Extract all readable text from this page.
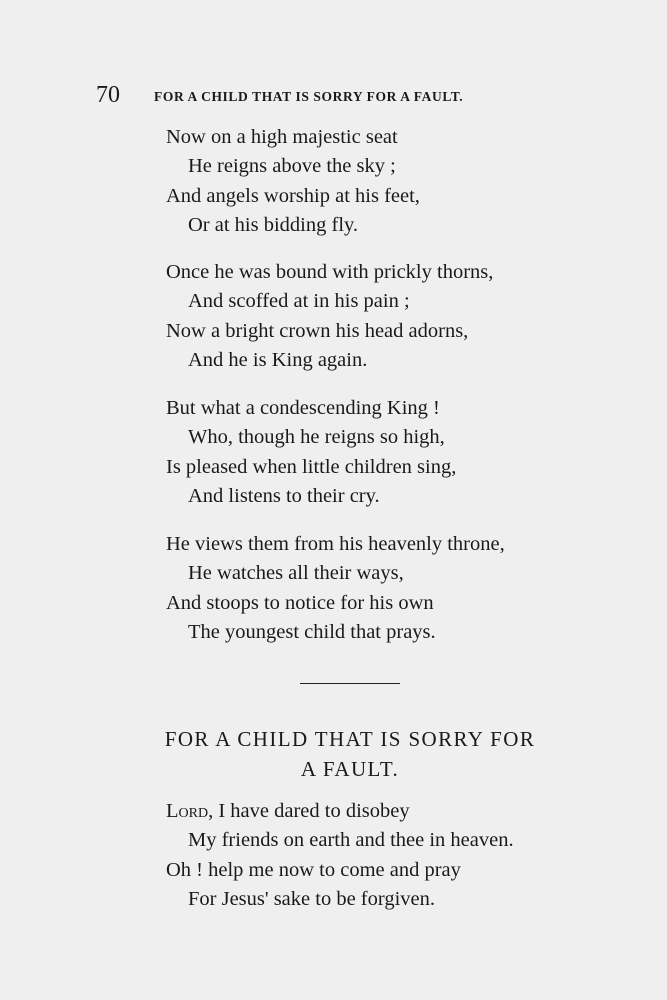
70	FOR A CHILD THAT IS SORRY FOR A FAULT.
Now on a high majestic seat
He reigns above the sky ;
And angels worship at his feet,
Or at his bidding fly.
Once he was bound with prickly thorns,
And scoffed at in his pain ;
Now a bright crown his head adorns,
And he is King again.
But what a condescending King !
Who, though he reigns so high,
Is pleased when little children sing,
And listens to their cry.
He views them from his heavenly throne,
He watches all their ways,
And stoops to notice for his own
The youngest child that prays.
FOR A CHILD THAT IS SORRY FOR
A FAULT.
Lord, I have dared to disobey
My friends on earth and thee in heaven.
Oh ! help me now to come and pray
For Jesus' sake to be forgiven.
